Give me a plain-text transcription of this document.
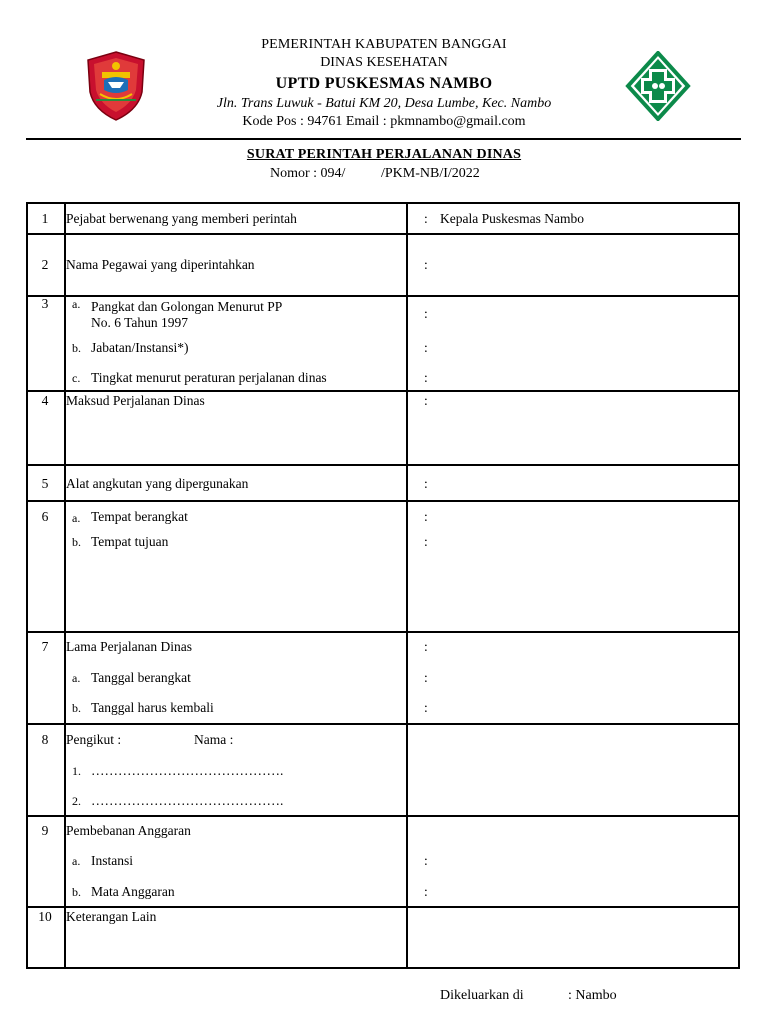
PEMERINTAH KABUPATEN BANGGAI
DINAS KESEHATAN
UPTD PUSKESMAS NAMBO
Jln. Trans Luwuk - Batui KM 20, Desa Lumbe, Kec. Nambo
Kode Pos : 94761 Email : pkmnambo@gmail.com
SURAT PERINTAH PERJALANAN DINAS
Nomor : 094/	/PKM-NB/I/2022
1	Pejabat berwenang yang memberi perintah	: Kepala Puskesmas Nambo
2	Nama Pegawai yang diperintahkan	:
3	a. Pangkat dan Golongan Menurut PP
No. 6 Tahun 1997
:
b. Jabatan/Instansi*)	:
c. Tingkat menurut peraturan perjalanan dinas	:
4	Maksud Perjalanan Dinas	:
5	Alat angkutan yang dipergunakan	:
6	a. Tempat berangkat	:
b. Tempat tujuan	:
7	Lama Perjalanan Dinas	:
a. Tanggal berangkat	:
b. Tanggal harus kembali	:
8	Pengikut :	Nama :
1. …………………………………….
2. …………………………………….
9	Pembebanan Anggaran
a. Instansi	:
b. Mata Anggaran	:
10	Keterangan Lain
Dikeluarkan di	: Nambo
